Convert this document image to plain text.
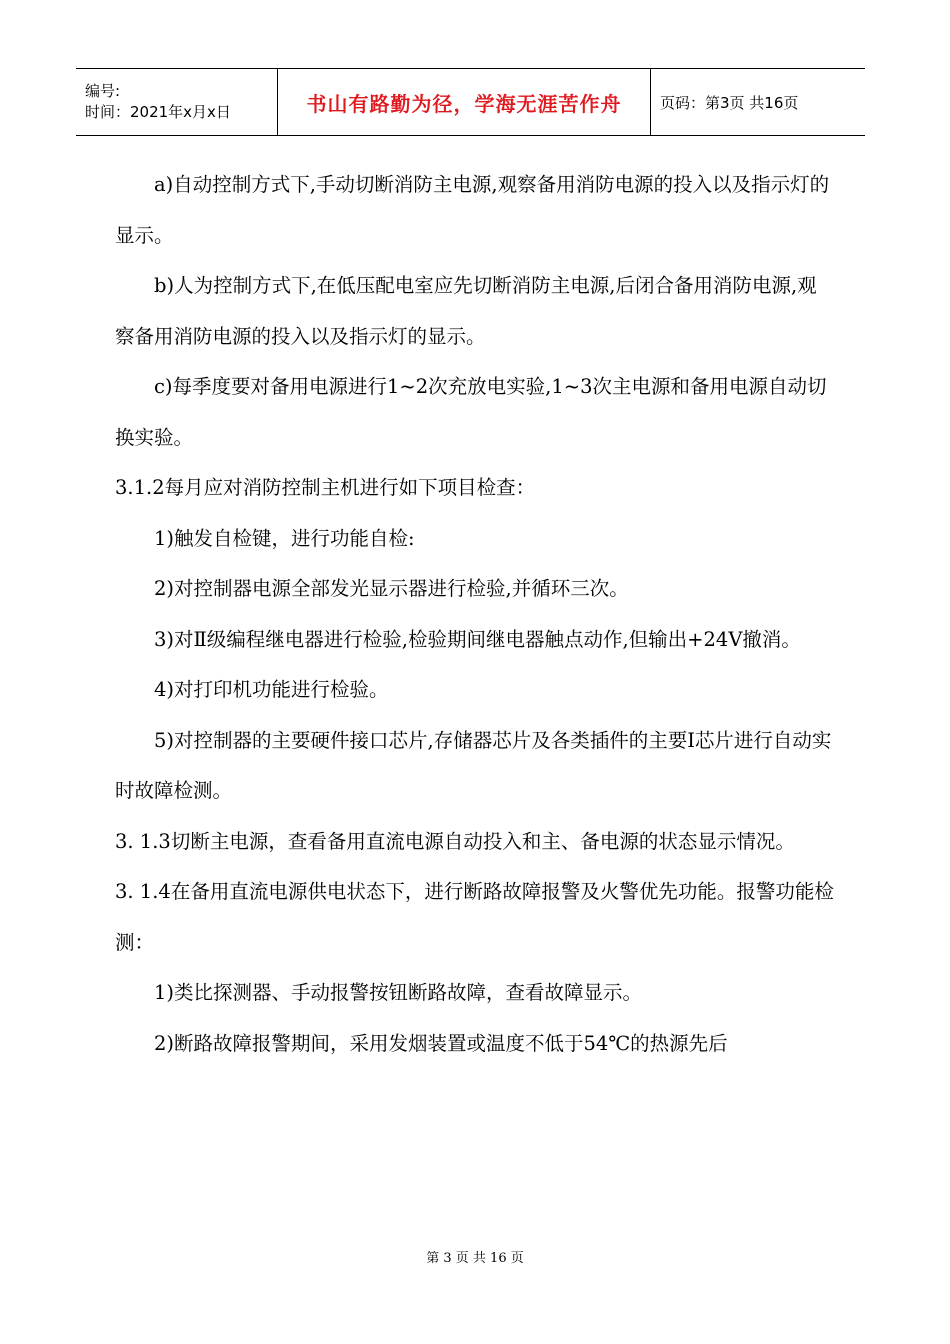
编号:
时间：2021年x月x日	书山有路勤为径，学海无涯苦作舟	页码：第3页 共16页

a)自动控制方式下,手动切断消防主电源,观察备用消防电源的投入以及指示灯的显示。

b)人为控制方式下,在低压配电室应先切断消防主电源,后闭合备用消防电源,观察备用消防电源的投入以及指示灯的显示。

c)每季度要对备用电源进行1~2次充放电实验,1~3次主电源和备用电源自动切换实验。

3.1.2每月应对消防控制主机进行如下项目检查：

1)触发自检键，进行功能自检:

2)对控制器电源全部发光显示器进行检验,并循环三次。

3)对Ⅱ级编程继电器进行检验,检验期间继电器触点动作,但输出+24V撤消。

4)对打印机功能进行检验。

5)对控制器的主要硬件接口芯片,存储器芯片及各类插件的主要I芯片进行自动实时故障检测。

3. 1.3切断主电源，查看备用直流电源自动投入和主、备电源的状态显示情况。

3. 1.4在备用直流电源供电状态下，进行断路故障报警及火警优先功能。报警功能检测：

1)类比探测器、手动报警按钮断路故障，查看故障显示。

2)断路故障报警期间，采用发烟装置或温度不低于54℃的热源先后

第 3 页 共 16 页
